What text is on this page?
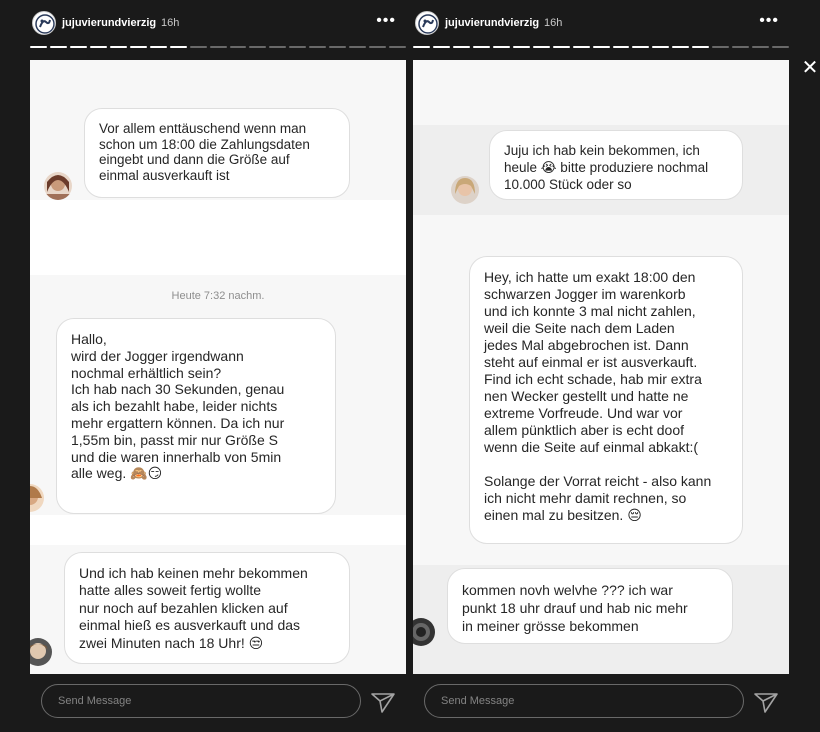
jujuvierundvierzig 16h	•••
Vor allem enttäuschend wenn man
schon um 18:00 die Zahlungsdaten
eingebt und dann die Größe auf
einmal ausverkauft ist
Heute 7:32 nachm.
Hallo,
wird der Jogger irgendwann
nochmal erhältlich sein?
Ich hab nach 30 Sekunden, genau
als ich bezahlt habe, leider nichts
mehr ergattern können. Da ich nur
1,55m bin, passt mir nur Größe S
und die waren innerhalb von 5min
alle weg. 🙈😏
Und ich hab keinen mehr bekommen
hatte alles soweit fertig wollte
nur noch auf bezahlen klicken auf
einmal hieß es ausverkauft und das
zwei Minuten nach 18 Uhr! 😒
Send Message
jujuvierundvierzig 16h	•••
Juju ich hab kein bekommen, ich
heule 😭 bitte produziere nochmal
10.000 Stück oder so
Hey, ich hatte um exakt 18:00 den
schwarzen Jogger im warenkorb
und ich konnte 3 mal nicht zahlen,
weil die Seite nach dem Laden
jedes Mal abgebrochen ist. Dann
steht auf einmal er ist ausverkauft.
Find ich echt schade, hab mir extra
nen Wecker gestellt und hatte ne
extreme Vorfreude. Und war vor
allem pünktlich aber is echt doof
wenn die Seite auf einmal abkakt:(

Solange der Vorrat reicht - also kann
ich nicht mehr damit rechnen, so
einen mal zu besitzen. 😔
kommen novh welvhe ??? ich war
punkt 18 uhr drauf und hab nic mehr
in meiner grösse bekommen
Send Message
✕
